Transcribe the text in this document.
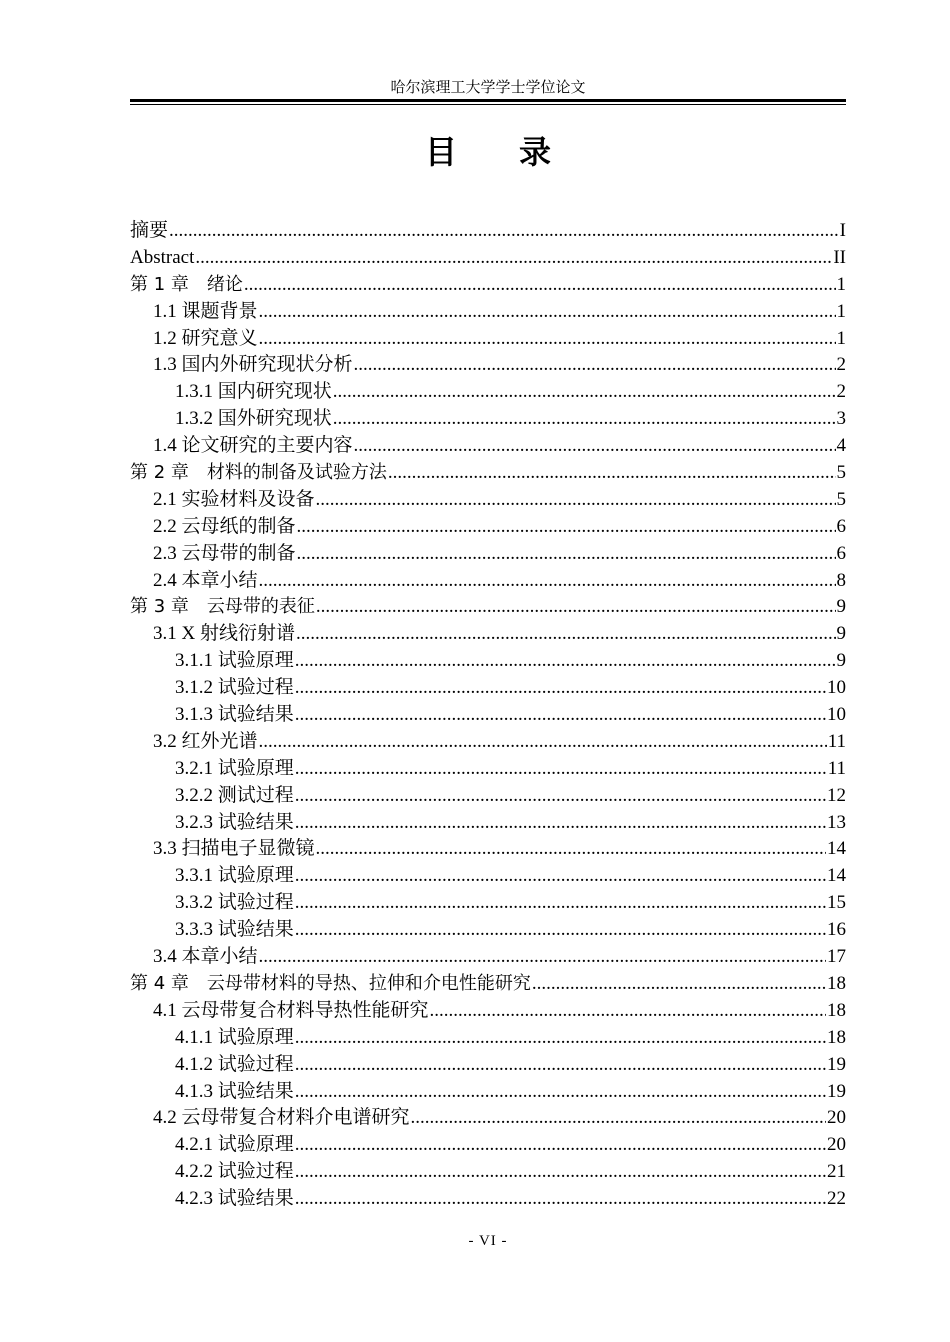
哈尔滨理工大学学士学位论文
目 录
摘要 .....	I
Abstract .....	II
第 1 章　绪论 .....	1
1.1 课题背景 .....	1
1.2 研究意义 .....	1
1.3 国内外研究现状分析 .....	2
1.3.1 国内研究现状 .....	2
1.3.2 国外研究现状 .....	3
1.4 论文研究的主要内容 .....	4
第 2 章　材料的制备及试验方法 .....	5
2.1 实验材料及设备 .....	5
2.2 云母纸的制备 .....	6
2.3 云母带的制备 .....	6
2.4 本章小结 .....	8
第 3 章　云母带的表征 .....	9
3.1 X 射线衍射谱 .....	9
3.1.1 试验原理 .....	9
3.1.2 试验过程 .....	10
3.1.3 试验结果 .....	10
3.2 红外光谱 .....	11
3.2.1 试验原理 .....	11
3.2.2 测试过程 .....	12
3.2.3 试验结果 .....	13
3.3 扫描电子显微镜 .....	14
3.3.1 试验原理 .....	14
3.3.2 试验过程 .....	15
3.3.3 试验结果 .....	16
3.4 本章小结 .....	17
第 4 章　云母带材料的导热、拉伸和介电性能研究 .....	18
4.1 云母带复合材料导热性能研究 .....	18
4.1.1 试验原理 .....	18
4.1.2 试验过程 .....	19
4.1.3 试验结果 .....	19
4.2 云母带复合材料介电谱研究 .....	20
4.2.1 试验原理 .....	20
4.2.2 试验过程 .....	21
4.2.3 试验结果 .....	22
- VI -
